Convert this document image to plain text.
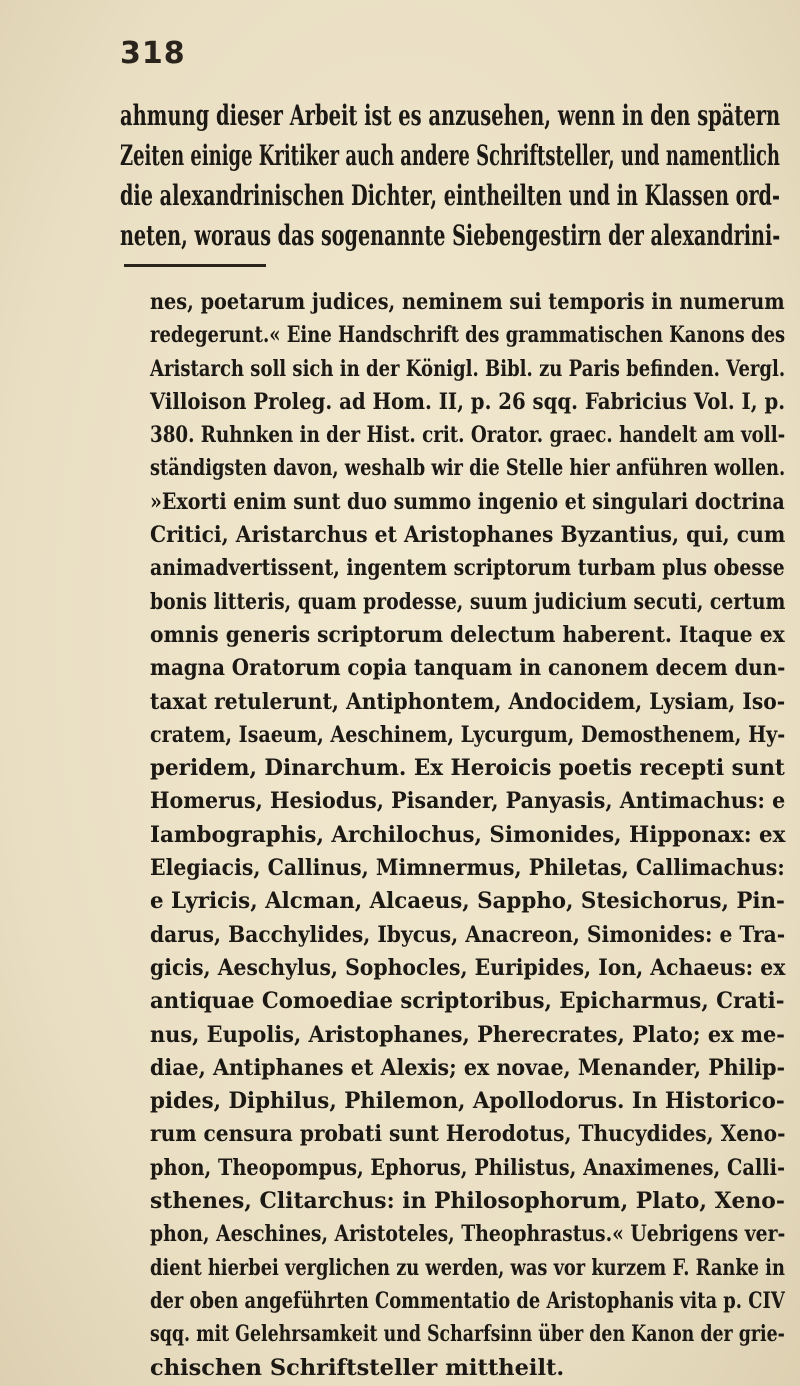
318
ahmung dieser Arbeit ist es anzusehen, wenn in den spätern
Zeiten einige Kritiker auch andere Schriftsteller, und namentlich
die alexandrinischen Dichter, eintheilten und in Klassen ord-
neten, woraus das sogenannte Siebengestirn der alexandrini-
nes, poetarum judices, neminem sui temporis in numerum
redegerunt.« Eine Handschrift des grammatischen Kanons des
Aristarch soll sich in der Königl. Bibl. zu Paris befinden. Vergl.
Villoison Proleg. ad Hom. II, p. 26 sqq. Fabricius Vol. I, p.
380. Ruhnken in der Hist. crit. Orator. graec. handelt am voll-
ständigsten davon, weshalb wir die Stelle hier anführen wollen.
»Exorti enim sunt duo summo ingenio et singulari doctrina
Critici, Aristarchus et Aristophanes Byzantius, qui, cum
animadvertissent, ingentem scriptorum turbam plus obesse
bonis litteris, quam prodesse, suum judicium secuti, certum
omnis generis scriptorum delectum haberent. Itaque ex
magna Oratorum copia tanquam in canonem decem dun-
taxat retulerunt, Antiphontem, Andocidem, Lysiam, Iso-
cratem, Isaeum, Aeschinem, Lycurgum, Demosthenem, Hy-
peridem, Dinarchum. Ex Heroicis poetis recepti sunt
Homerus, Hesiodus, Pisander, Panyasis, Antimachus: e
Iambographis, Archilochus, Simonides, Hipponax: ex
Elegiacis, Callinus, Mimnermus, Philetas, Callimachus:
e Lyricis, Alcman, Alcaeus, Sappho, Stesichorus, Pin-
darus, Bacchylides, Ibycus, Anacreon, Simonides: e Tra-
gicis, Aeschylus, Sophocles, Euripides, Ion, Achaeus: ex
antiquae Comoediae scriptoribus, Epicharmus, Crati-
nus, Eupolis, Aristophanes, Pherecrates, Plato; ex me-
diae, Antiphanes et Alexis; ex novae, Menander, Philip-
pides, Diphilus, Philemon, Apollodorus. In Historico-
rum censura probati sunt Herodotus, Thucydides, Xeno-
phon, Theopompus, Ephorus, Philistus, Anaximenes, Calli-
sthenes, Clitarchus: in Philosophorum, Plato, Xeno-
phon, Aeschines, Aristoteles, Theophrastus.« Uebrigens ver-
dient hierbei verglichen zu werden, was vor kurzem F. Ranke in
der oben angeführten Commentatio de Aristophanis vita p. CIV
sqq. mit Gelehrsamkeit und Scharfsinn über den Kanon der grie-
chischen Schriftsteller mittheilt.
